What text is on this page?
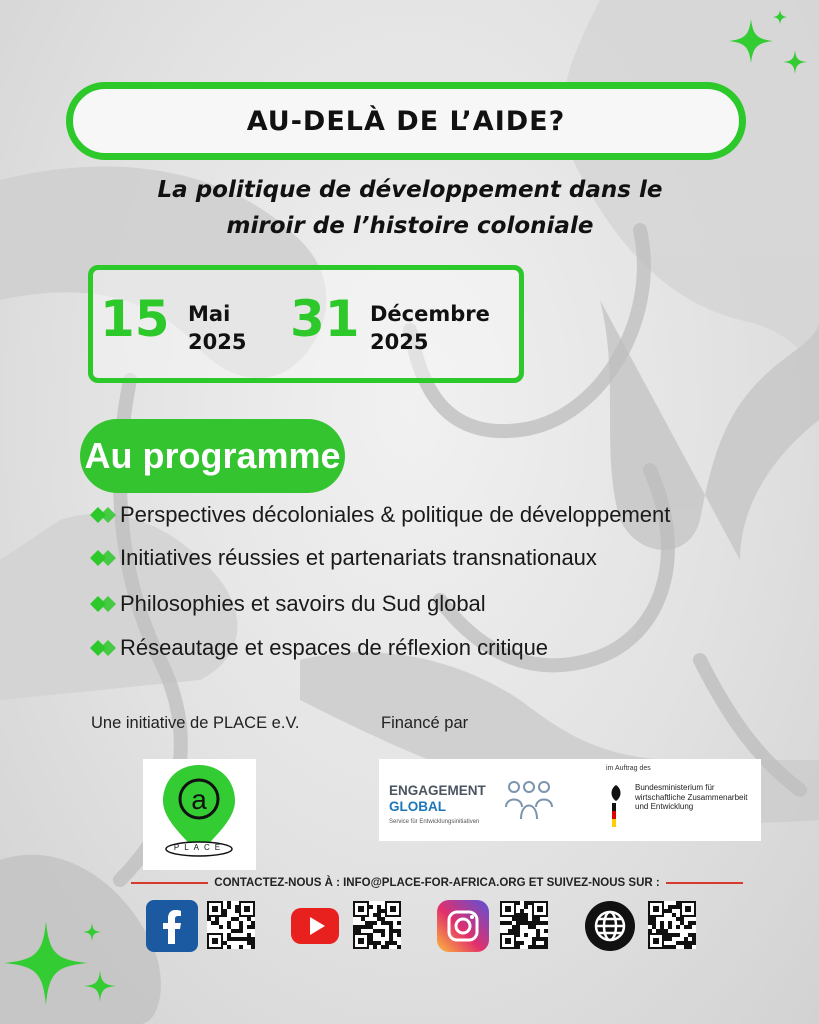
AU-DELÀ DE L’AIDE?
La politique de développement dans le
miroir de l’histoire coloniale
15 Mai
2025 31 Décembre
2025
Au programme
Perspectives décoloniales & politique de développement
Initiatives réussies et partenariats transnationaux
Philosophies et savoirs du Sud global
Réseautage et espaces de réflexion critique
Une initiative de PLACE e.V.	Financé par
a
PLACE
ENGAGEMENT
GLOBAL
Service für Entwicklungsinitiativen
im Auftrag des
Bundesministerium für
wirtschaftliche Zusammenarbeit
und Entwicklung
CONTACTEZ-NOUS À : INFO@PLACE-FOR-AFRICA.ORG ET SUIVEZ-NOUS SUR :
